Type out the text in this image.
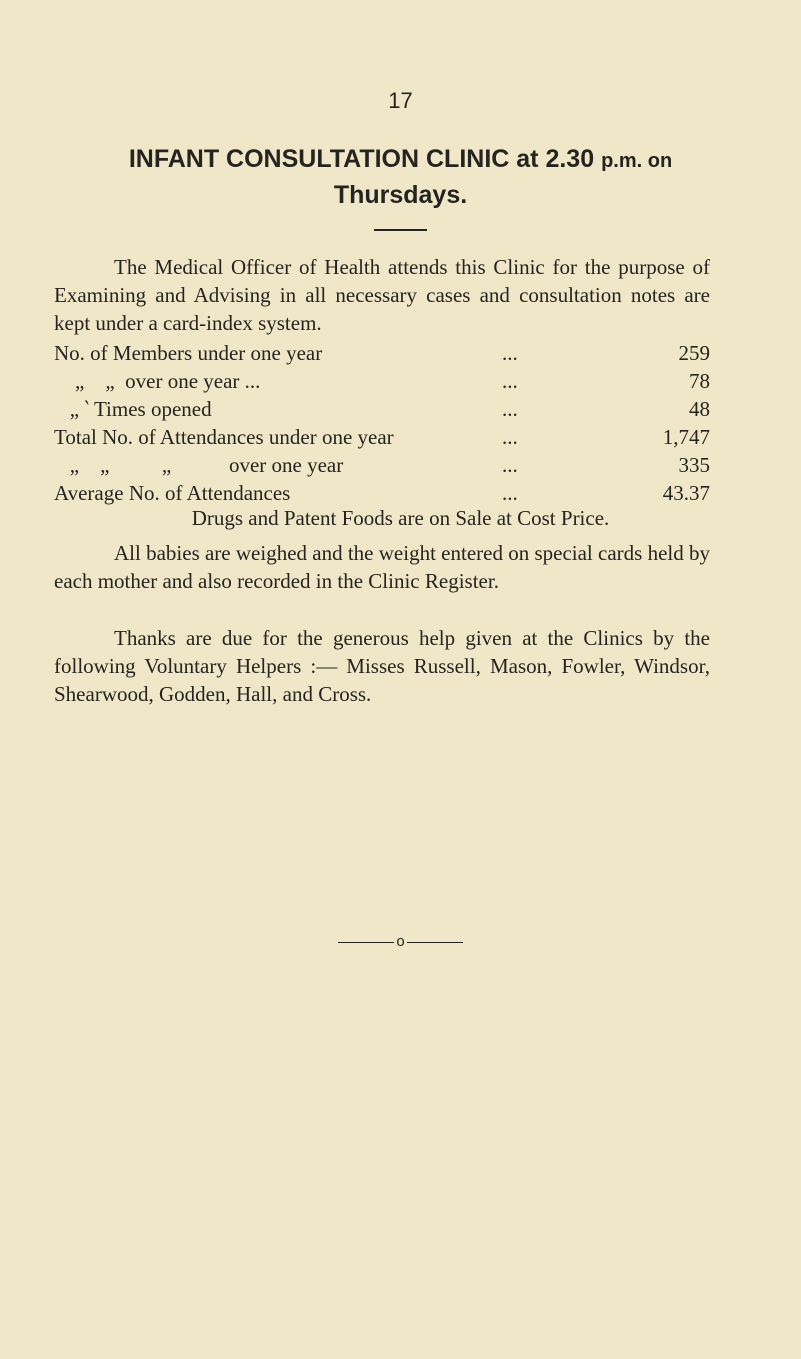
17
INFANT CONSULTATION CLINIC at 2.30 p.m. on
Thursdays.
The Medical Officer of Health attends this Clinic for the purpose of Examining and Advising in all necessary cases and consultation notes are kept under a card-index system.
No. of Members under one year	...	259
„    „  over one year ...	...	78
„ ‵ Times opened	...	48
Total No. of Attendances under one year	...	1,747
„    „          „           over one year	...	335
Average No. of Attendances	...	43.37
Drugs and Patent Foods are on Sale at Cost Price.
All babies are weighed and the weight entered on special cards held by each mother and also recorded in the Clinic Register.
Thanks are due for the generous help given at the Clinics by the following Voluntary Helpers :— Misses Russell, Mason, Fowler, Windsor, Shearwood, Godden, Hall, and Cross.
o
